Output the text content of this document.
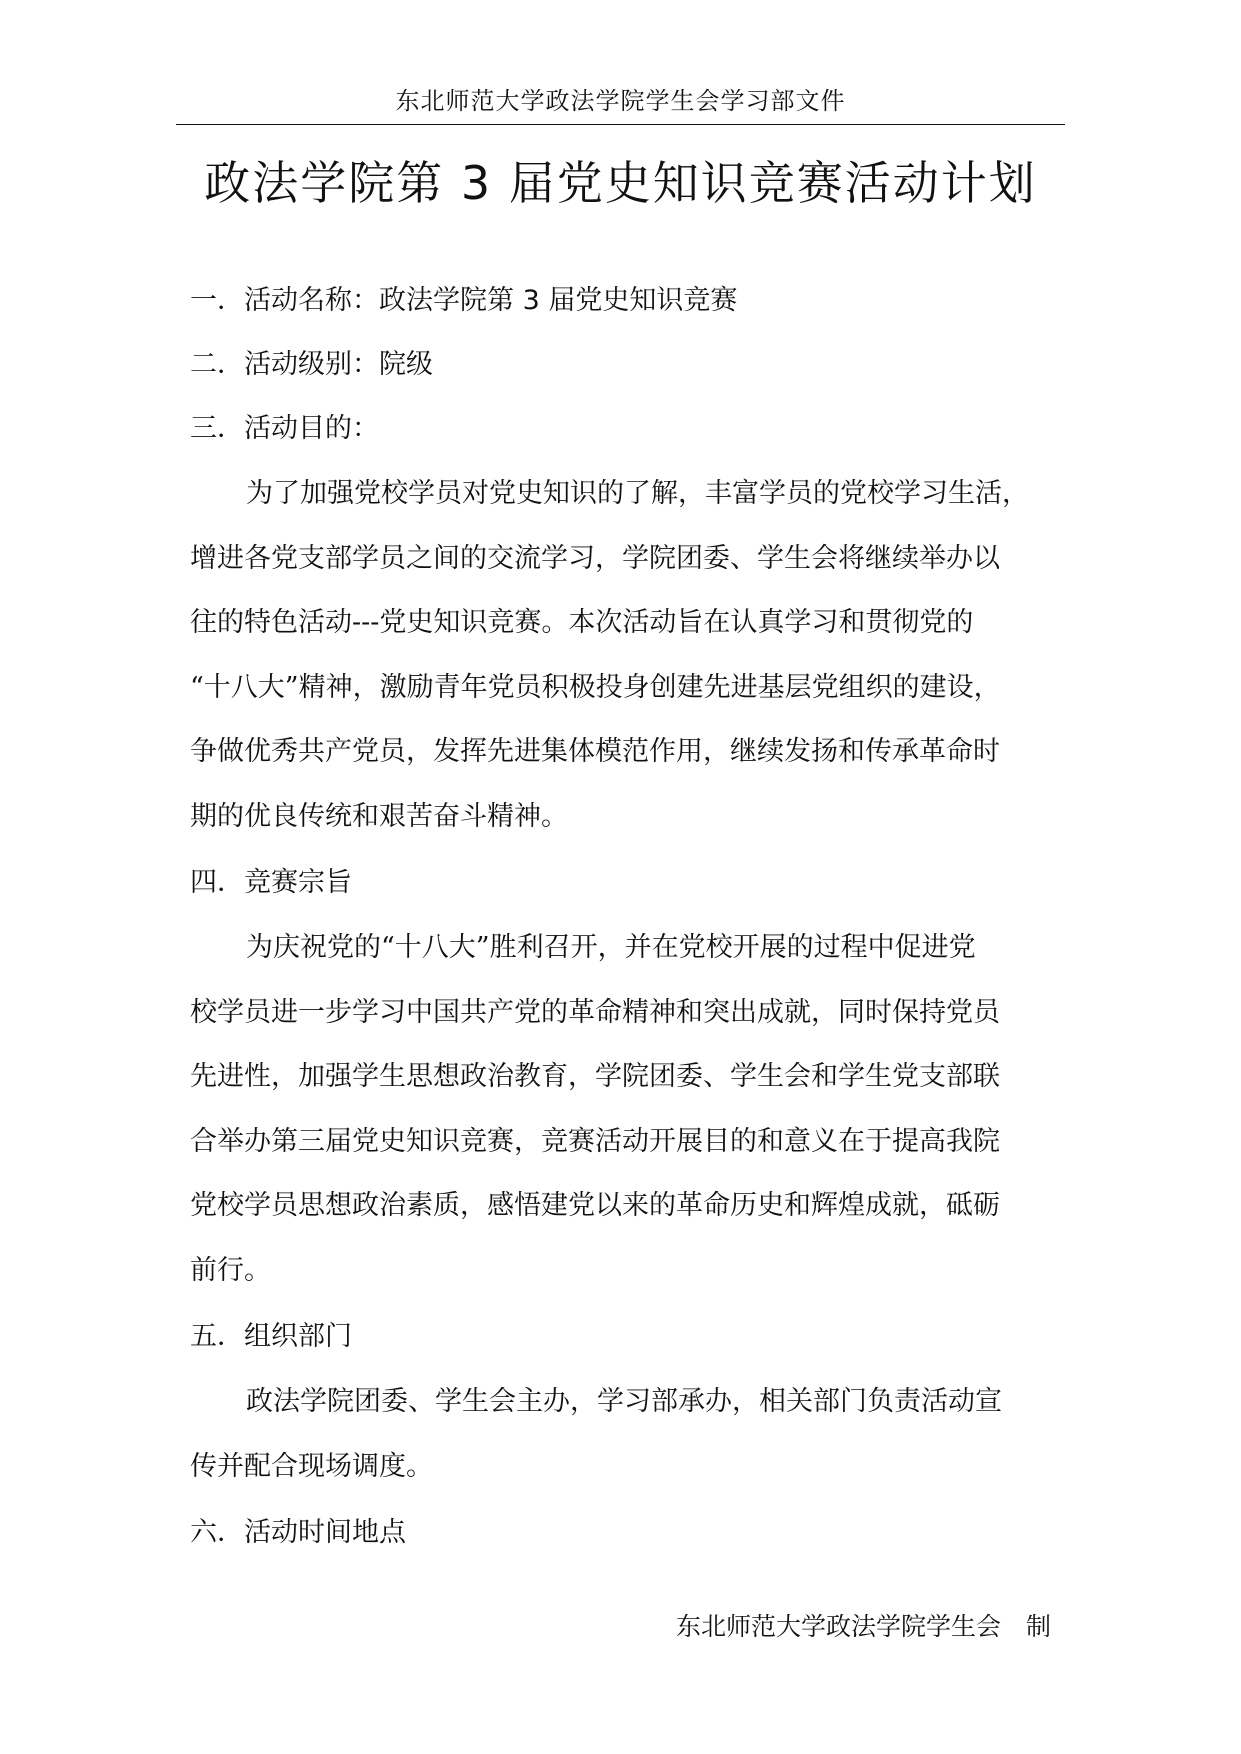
东北师范大学政法学院学生会学习部文件
政法学院第 3 届党史知识竞赛活动计划
一．活动名称：政法学院第 3 届党史知识竞赛
二．活动级别：院级
三．活动目的：
为了加强党校学员对党史知识的了解，丰富学员的党校学习生活，
增进各党支部学员之间的交流学习，学院团委、学生会将继续举办以
往的特色活动---党史知识竞赛。本次活动旨在认真学习和贯彻党的
“十八大”精神，激励青年党员积极投身创建先进基层党组织的建设，
争做优秀共产党员，发挥先进集体模范作用，继续发扬和传承革命时
期的优良传统和艰苦奋斗精神。
四．竞赛宗旨
为庆祝党的“十八大”胜利召开，并在党校开展的过程中促进党
校学员进一步学习中国共产党的革命精神和突出成就，同时保持党员
先进性，加强学生思想政治教育，学院团委、学生会和学生党支部联
合举办第三届党史知识竞赛，竞赛活动开展目的和意义在于提高我院
党校学员思想政治素质，感悟建党以来的革命历史和辉煌成就，砥砺
前行。
五．组织部门
政法学院团委、学生会主办，学习部承办，相关部门负责活动宣
传并配合现场调度。
六．活动时间地点
东北师范大学政法学院学生会　制
